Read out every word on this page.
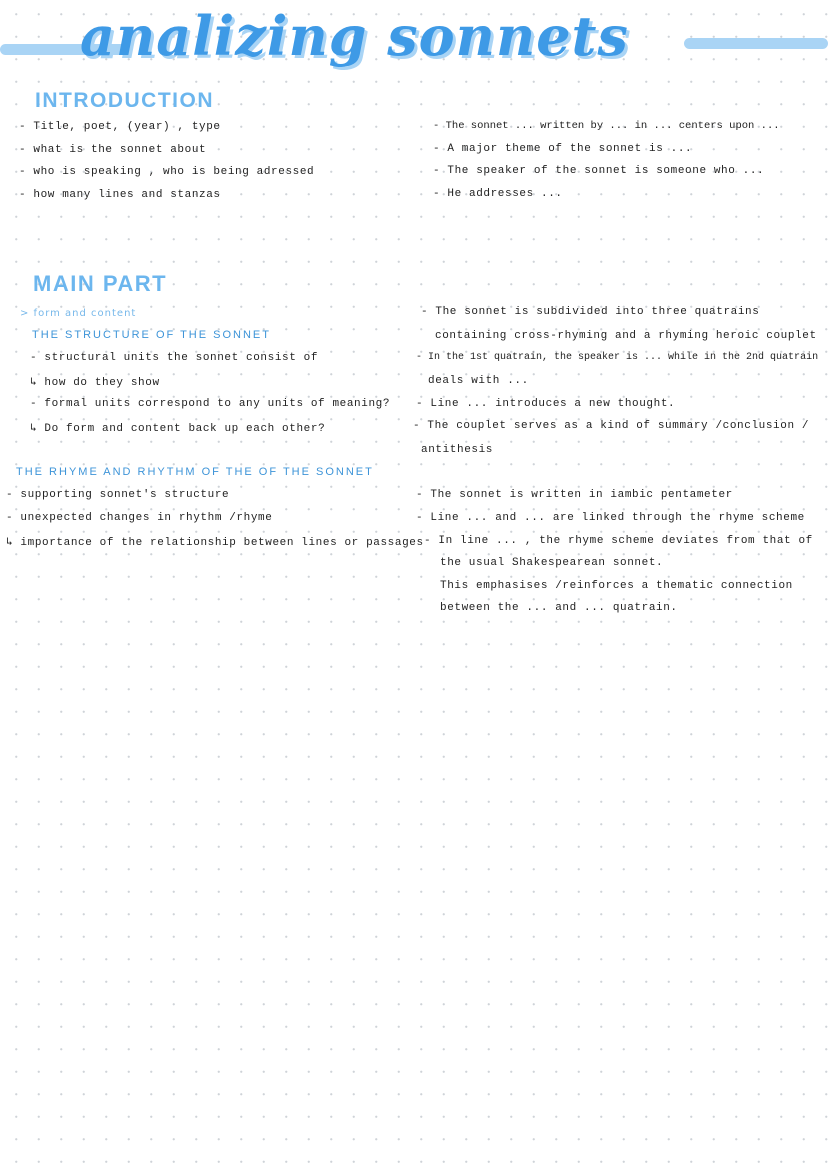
analizing sonnets
INTRODUCTION
- Title, poet, (year) , type
- what is the sonnet about
- who is speaking , who is being adressed
- how many lines and stanzas
- The sonnet ... written by ... in ... centers upon ...
- A major theme of the sonnet is ...
- The speaker of the sonnet is someone who ...
- He addresses ...
MAIN PART
> form and content
THE STRUCTURE OF THE SONNET
- structural units the sonnet consist of
↳ how do they show
- formal units correspond to any units of meaning?
↳ Do form and content back up each other?
- The sonnet is subdivided into three quatrains
containing cross-rhyming and a rhyming heroic couplet
- In the 1st quatrain, the speaker is ... while in the 2nd quatrain
deals with ...
- Line ... introduces a new thought.
- The couplet serves as a kind of summary /conclusion /
antithesis
THE RHYME AND RHYTHM OF THE OF THE SONNET
- supporting sonnet's structure
- unexpected changes in rhythm /rhyme
↳ importance of the relationship between lines or passages
- The sonnet is written in iambic pentameter
- Line ... and ... are linked through the rhyme scheme
- In line ... , the rhyme scheme deviates from that of
the usual Shakespearean sonnet.
This emphasises /reinforces a thematic connection
between the ... and ... quatrain.
